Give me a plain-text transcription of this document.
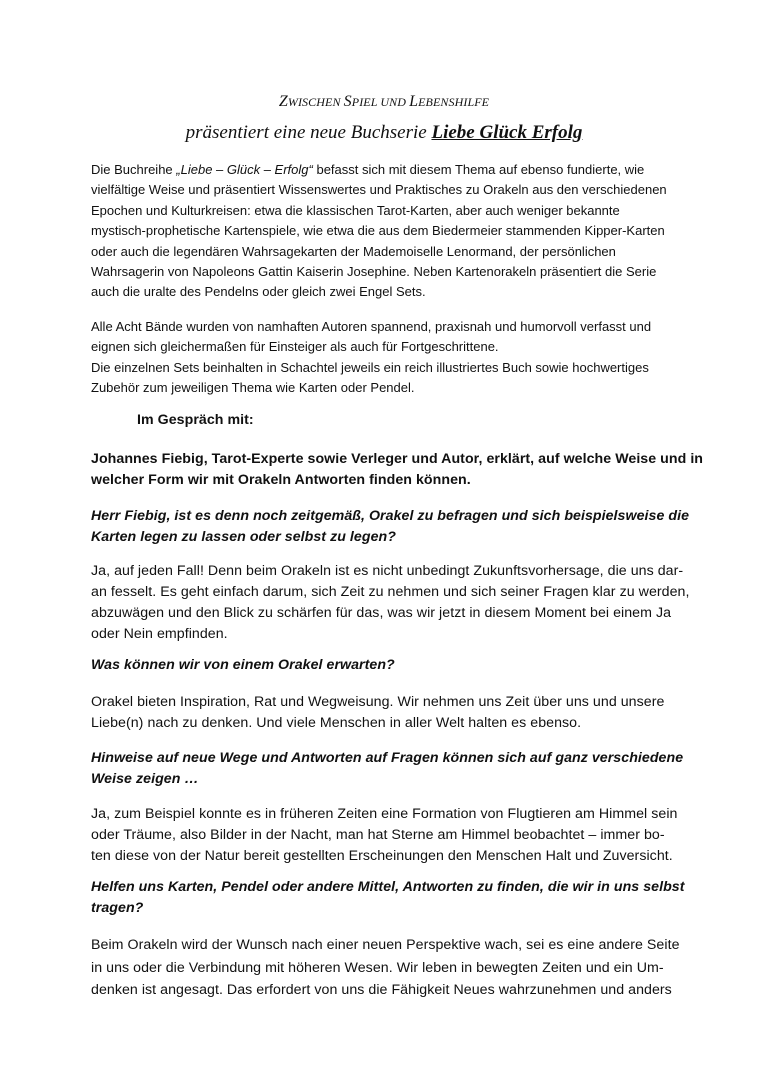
ZWISCHEN SPIEL UND LEBENSHILFE
präsentiert eine neue Buchserie Liebe Glück Erfolg
Die Buchreihe „Liebe – Glück – Erfolg“ befasst sich mit diesem Thema auf ebenso fundierte, wie
vielfältige Weise und präsentiert Wissenswertes und Praktisches zu Orakeln aus den verschiedenen
Epochen und Kulturkreisen: etwa die klassischen Tarot-Karten, aber auch weniger bekannte
mystisch-prophetische Kartenspiele, wie etwa die aus dem Biedermeier stammenden Kipper-Karten
oder auch die legendären Wahrsagekarten der Mademoiselle Lenormand, der persönlichen
Wahrsagerin von Napoleons Gattin Kaiserin Josephine. Neben Kartenorakeln präsentiert die Serie
auch die uralte des Pendelns oder gleich zwei Engel Sets.
Alle Acht Bände wurden von namhaften Autoren spannend, praxisnah und humorvoll verfasst und
eignen sich gleichermaßen für Einsteiger als auch für Fortgeschrittene.
Die einzelnen Sets beinhalten in Schachtel jeweils ein reich illustriertes Buch sowie hochwertiges
Zubehör zum jeweiligen Thema wie Karten oder Pendel.
Im Gespräch mit:
Johannes Fiebig, Tarot-Experte sowie Verleger und Autor, erklärt, auf welche Weise und in
welcher Form wir mit Orakeln Antworten finden können.
Herr Fiebig, ist es denn noch zeitgemäß, Orakel zu befragen und sich beispielsweise die
Karten legen zu lassen oder selbst zu legen?
Ja, auf jeden Fall! Denn beim Orakeln ist es nicht unbedingt Zukunftsvorhersage, die uns dar-
an fesselt. Es geht einfach darum, sich Zeit zu nehmen und sich seiner Fragen klar zu werden,
abzuwägen und den Blick zu schärfen für das, was wir jetzt in diesem Moment bei einem Ja
oder Nein empfinden.
Was können wir von einem Orakel erwarten?
Orakel bieten Inspiration, Rat und Wegweisung. Wir nehmen uns Zeit über uns und unsere
Liebe(n) nach zu denken. Und viele Menschen in aller Welt halten es ebenso.
Hinweise auf neue Wege und Antworten auf Fragen können sich auf ganz verschiedene
Weise zeigen …
Ja, zum Beispiel konnte es in früheren Zeiten eine Formation von Flugtieren am Himmel sein
oder Träume, also Bilder in der Nacht, man hat Sterne am Himmel beobachtet – immer bo-
ten diese von der Natur bereit gestellten Erscheinungen den Menschen Halt und Zuversicht.
Helfen uns Karten, Pendel oder andere Mittel, Antworten zu finden, die wir in uns selbst
tragen?
Beim Orakeln wird der Wunsch nach einer neuen Perspektive wach, sei es eine andere Seite
in uns oder die Verbindung mit höheren Wesen. Wir leben in bewegten Zeiten und ein Um-
denken ist angesagt. Das erfordert von uns die Fähigkeit Neues wahrzunehmen und anders
